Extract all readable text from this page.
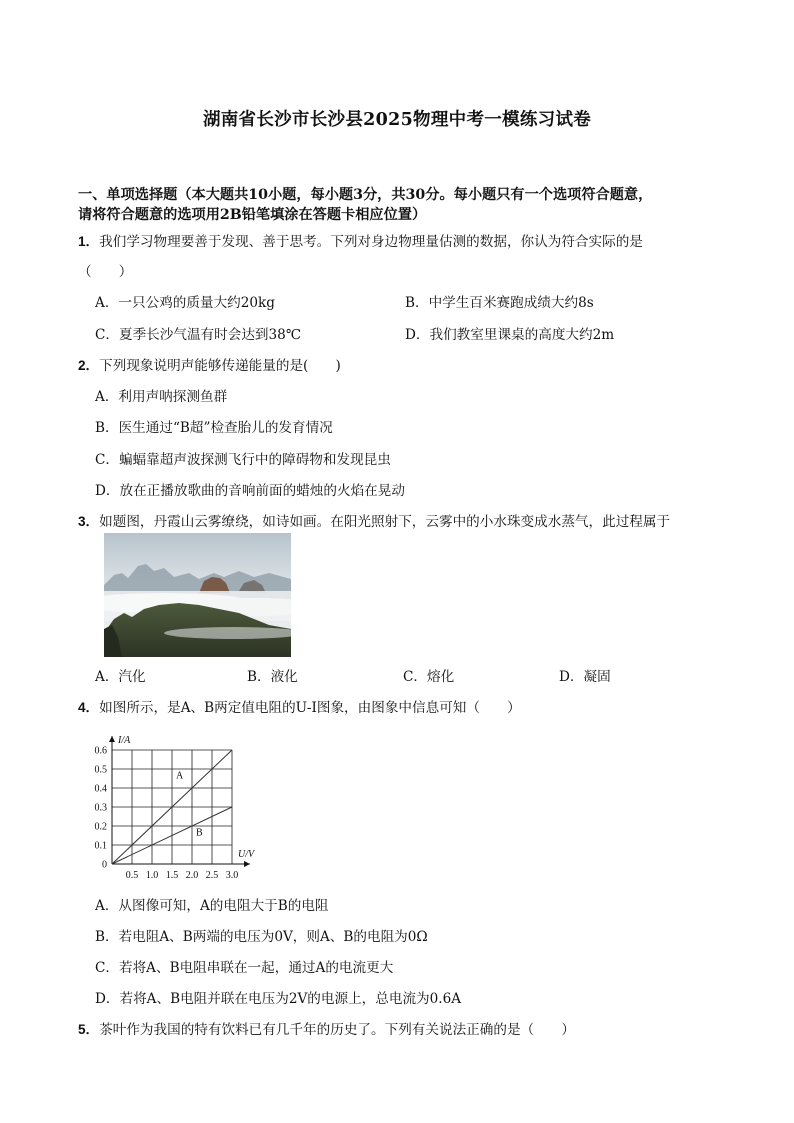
湖南省长沙市长沙县2025物理中考一模练习试卷
一、单项选择题（本大题共10小题，每小题3分，共30分。每小题只有一个选项符合题意，
请将符合题意的选项用2B铅笔填涂在答题卡相应位置）
1．我们学习物理要善于发现、善于思考。下列对身边物理量估测的数据，你认为符合实际的是
（　　）
A．一只公鸡的质量大约20kg	B．中学生百米赛跑成绩大约8s
C．夏季长沙气温有时会达到38℃	D．我们教室里课桌的高度大约2m
2．下列现象说明声能够传递能量的是(　　)
A．利用声呐探测鱼群
B．医生通过“B超”检查胎儿的发育情况
C．蝙蝠靠超声波探测飞行中的障碍物和发现昆虫
D．放在正播放歌曲的音响前面的蜡烛的火焰在晃动
3．如题图，丹霞山云雾缭绕，如诗如画。在阳光照射下，云雾中的小水珠变成水蒸气，此过程属于
A．汽化	B．液化	C．熔化	D．凝固
4．如图所示，是A、B两定值电阻的U-I图象，由图象中信息可知（　　）
0
0.1
0.2
0.3
0.4
0.5
0.6
0.5 1.0 1.5 2.0 2.5 3.0
I/A
U/V
A
B
A．从图像可知，A的电阻大于B的电阻
B．若电阻A、B两端的电压为0V，则A、B的电阻为0Ω
C．若将A、B电阻串联在一起，通过A的电流更大
D．若将A、B电阻并联在电压为2V的电源上，总电流为0.6A
5．茶叶作为我国的特有饮料已有几千年的历史了。下列有关说法正确的是（　　）
